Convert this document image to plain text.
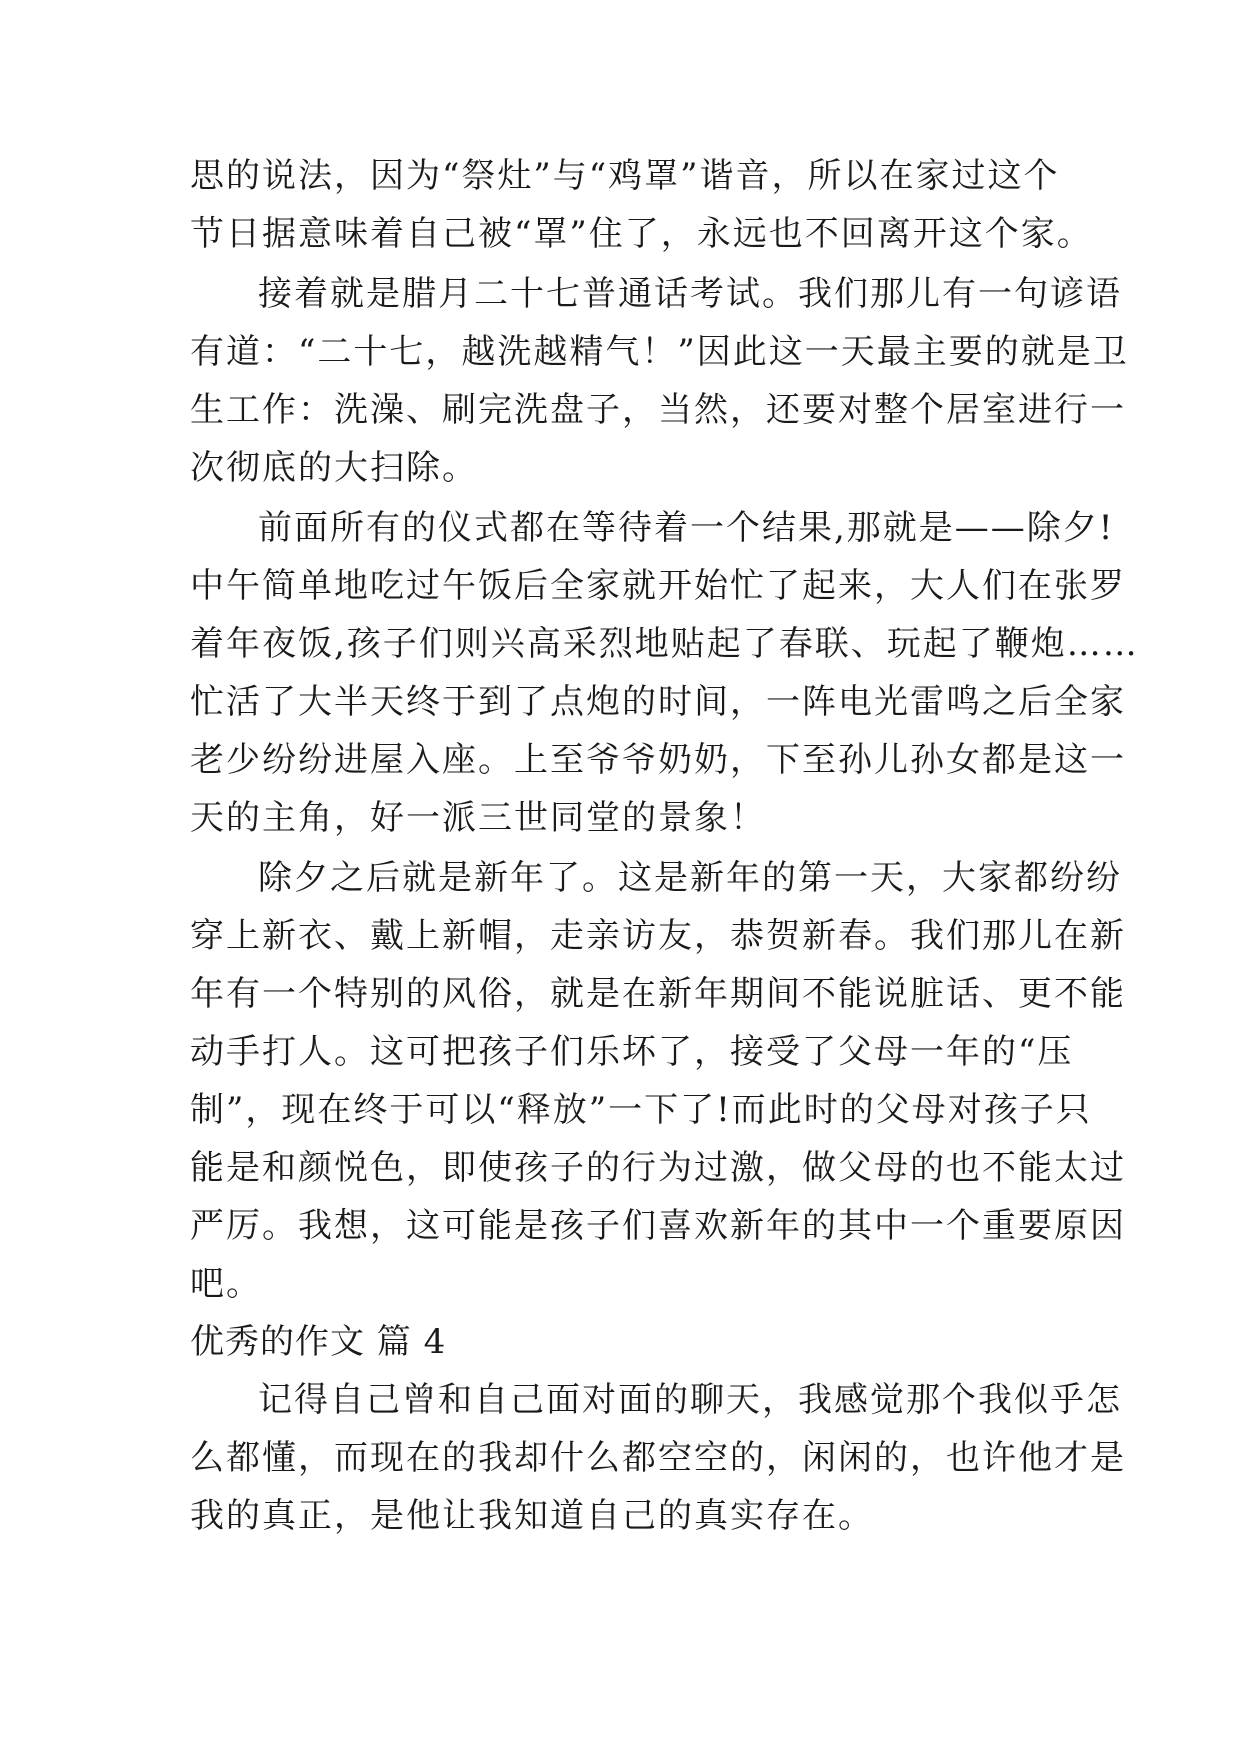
思的说法，因为“祭灶”与“鸡罩”谐音，所以在家过这个
节日据意味着自己被“罩”住了，永远也不回离开这个家。
接着就是腊月二十七普通话考试。我们那儿有一句谚语
有道：“二十七，越洗越精气！”因此这一天最主要的就是卫
生工作：洗澡、刷完洗盘子，当然，还要对整个居室进行一
次彻底的大扫除。
前面所有的仪式都在等待着一个结果,那就是——除夕!
中午简单地吃过午饭后全家就开始忙了起来，大人们在张罗
着年夜饭,孩子们则兴高采烈地贴起了春联、玩起了鞭炮……
忙活了大半天终于到了点炮的时间，一阵电光雷鸣之后全家
老少纷纷进屋入座。上至爷爷奶奶，下至孙儿孙女都是这一
天的主角，好一派三世同堂的景象！
除夕之后就是新年了。这是新年的第一天，大家都纷纷
穿上新衣、戴上新帽，走亲访友，恭贺新春。我们那儿在新
年有一个特别的风俗，就是在新年期间不能说脏话、更不能
动手打人。这可把孩子们乐坏了，接受了父母一年的“压
制”，现在终于可以“释放”一下了!而此时的父母对孩子只
能是和颜悦色，即使孩子的行为过激，做父母的也不能太过
严厉。我想，这可能是孩子们喜欢新年的其中一个重要原因
吧。
优秀的作文 篇 4
记得自己曾和自己面对面的聊天，我感觉那个我似乎怎
么都懂，而现在的我却什么都空空的，闲闲的，也许他才是
我的真正，是他让我知道自己的真实存在。
